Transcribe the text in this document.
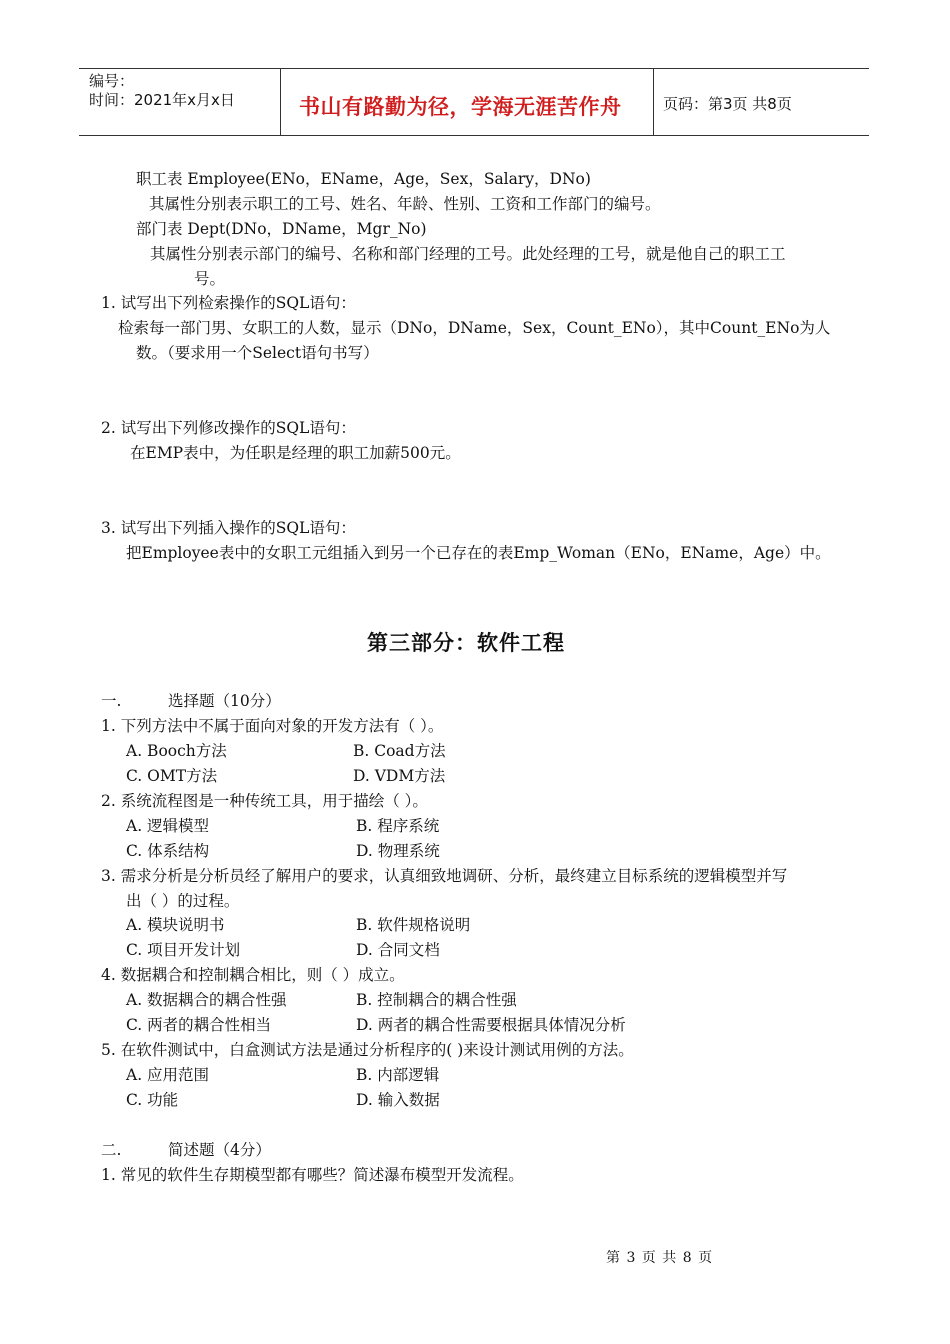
编号：
时间：2021年x月x日	书山有路勤为径，学海无涯苦作舟	页码：第3页 共8页
职工表 Employee(ENo，EName，Age，Sex，Salary，DNo)
其属性分别表示职工的工号、姓名、年龄、性别、工资和工作部门的编号。
部门表 Dept(DNo，DName，Mgr_No)
其属性分别表示部门的编号、名称和部门经理的工号。此处经理的工号，就是他自己的职工工
号。
1. 试写出下列检索操作的SQL语句：
检索每一部门男、女职工的人数，显示（DNo，DName，Sex，Count_ENo），其中Count_ENo为人
数。（要求用一个Select语句书写）
2. 试写出下列修改操作的SQL语句：
在EMP表中，为任职是经理的职工加薪500元。
3. 试写出下列插入操作的SQL语句：
把Employee表中的女职工元组插入到另一个已存在的表Emp_Woman（ENo，EName，Age）中。
第三部分：软件工程
一.	选择题（10分）
1. 下列方法中不属于面向对象的开发方法有（ ）。
A. Booch方法	B. Coad方法
C. OMT方法	D. VDM方法
2. 系统流程图是一种传统工具，用于描绘（ ）。
A. 逻辑模型	B. 程序系统
C. 体系结构	D. 物理系统
3. 需求分析是分析员经了解用户的要求，认真细致地调研、分析，最终建立目标系统的逻辑模型并写
出（ ）的过程。
A. 模块说明书	B. 软件规格说明
C. 项目开发计划	D. 合同文档
4. 数据耦合和控制耦合相比，则（ ）成立。
A. 数据耦合的耦合性强	B. 控制耦合的耦合性强
C. 两者的耦合性相当	D. 两者的耦合性需要根据具体情况分析
5. 在软件测试中，白盒测试方法是通过分析程序的( )来设计测试用例的方法。
A. 应用范围	B. 内部逻辑
C. 功能	D. 输入数据
二.	简述题（4分）
1. 常见的软件生存期模型都有哪些？简述瀑布模型开发流程。
第 3 页 共 8 页
